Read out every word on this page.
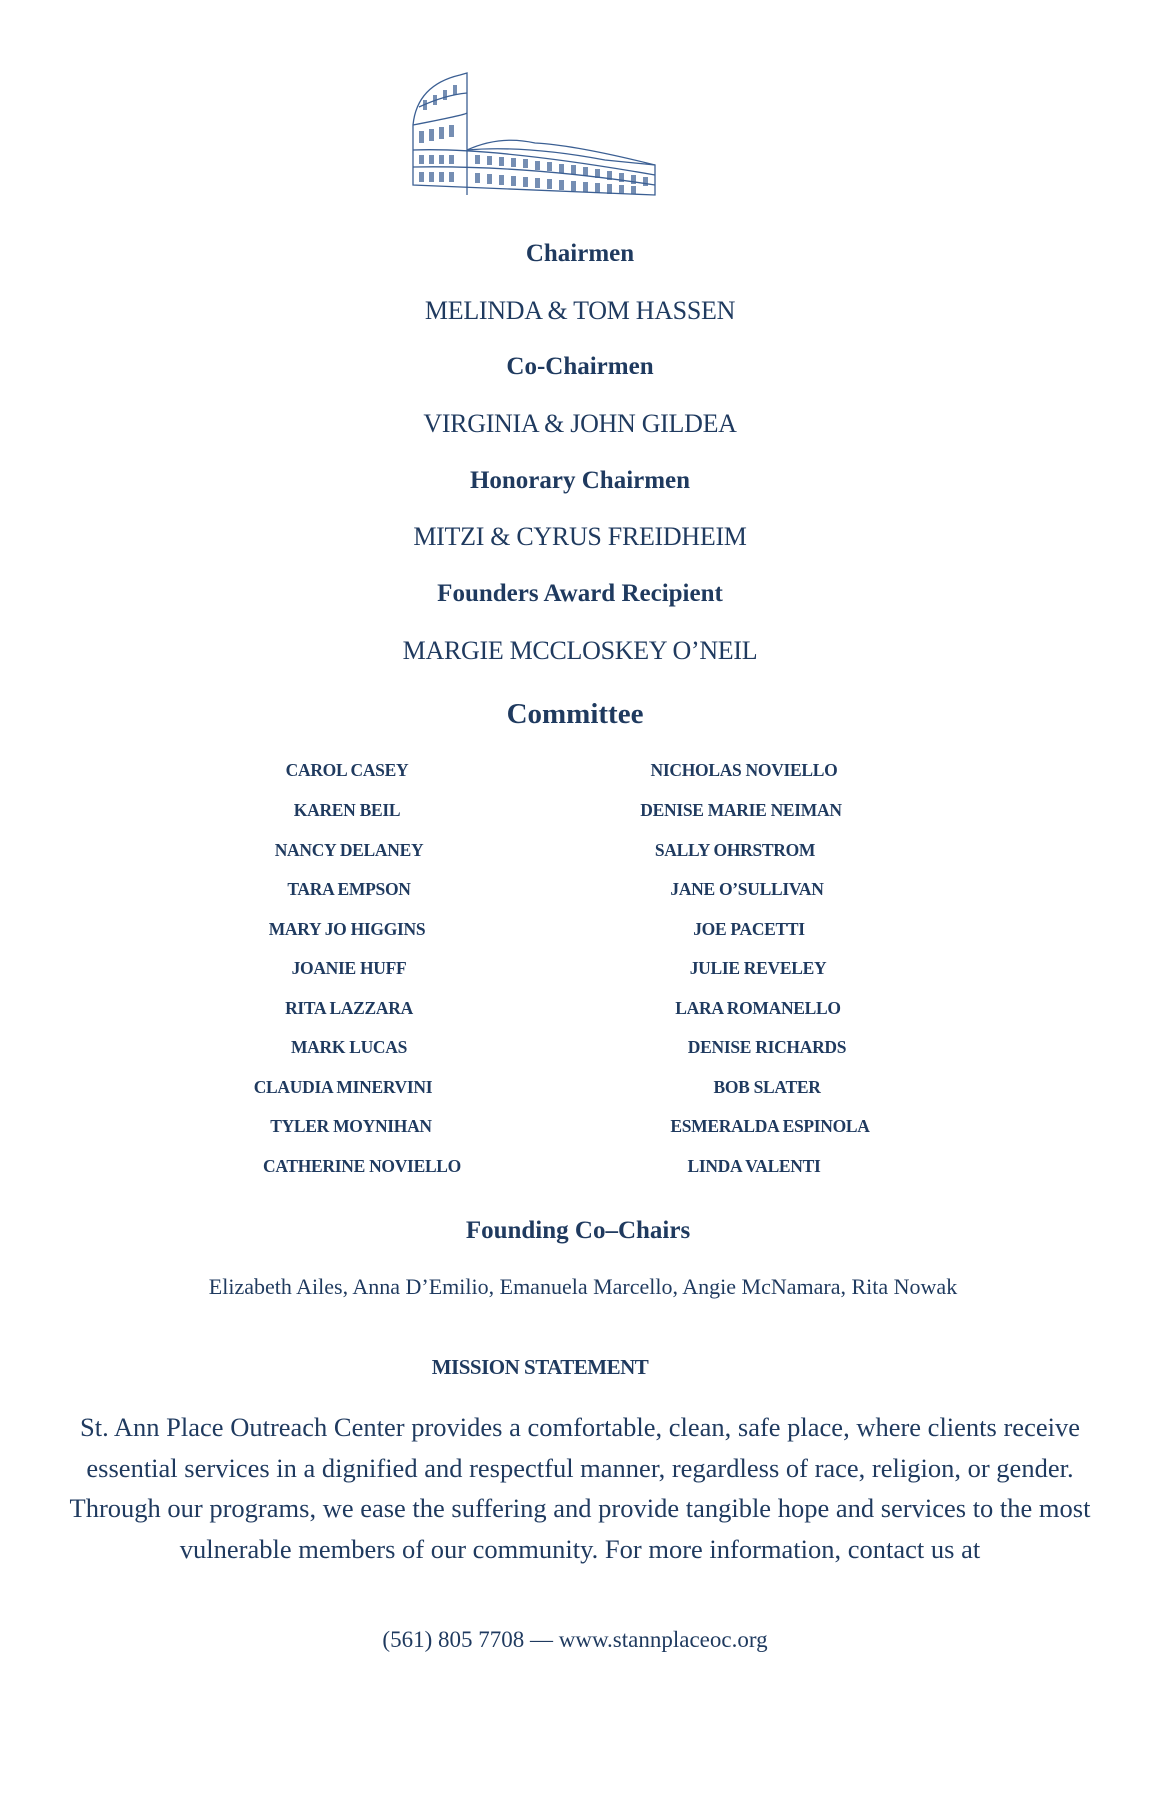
Chairmen
MELINDA & TOM HASSEN
Co-Chairmen
VIRGINIA & JOHN GILDEA
Honorary Chairmen
MITZI & CYRUS FREIDHEIM
Founders Award Recipient
MARGIE MCCLOSKEY O’NEIL
Committee
CAROL CASEY
KAREN BEIL
NANCY DELANEY
TARA EMPSON
MARY JO HIGGINS
JOANIE HUFF
RITA LAZZARA
MARK LUCAS
CLAUDIA MINERVINI
TYLER MOYNIHAN
CATHERINE NOVIELLO
NICHOLAS NOVIELLO
DENISE MARIE NEIMAN
SALLY OHRSTROM
JANE O’SULLIVAN
JOE PACETTI
JULIE REVELEY
LARA ROMANELLO
DENISE RICHARDS
BOB SLATER
ESMERALDA ESPINOLA
LINDA VALENTI
Founding Co–Chairs
Elizabeth Ailes, Anna D’Emilio, Emanuela Marcello, Angie McNamara, Rita Nowak
MISSION STATEMENT
St. Ann Place Outreach Center provides a comfortable, clean, safe place, where clients receive essential services in a dignified and respectful manner, regardless of race, religion, or gender. Through our programs, we ease the suffering and provide tangible hope and services to the most vulnerable members of our community. For more information, contact us at
(561) 805 7708 — www.stannplaceoc.org
